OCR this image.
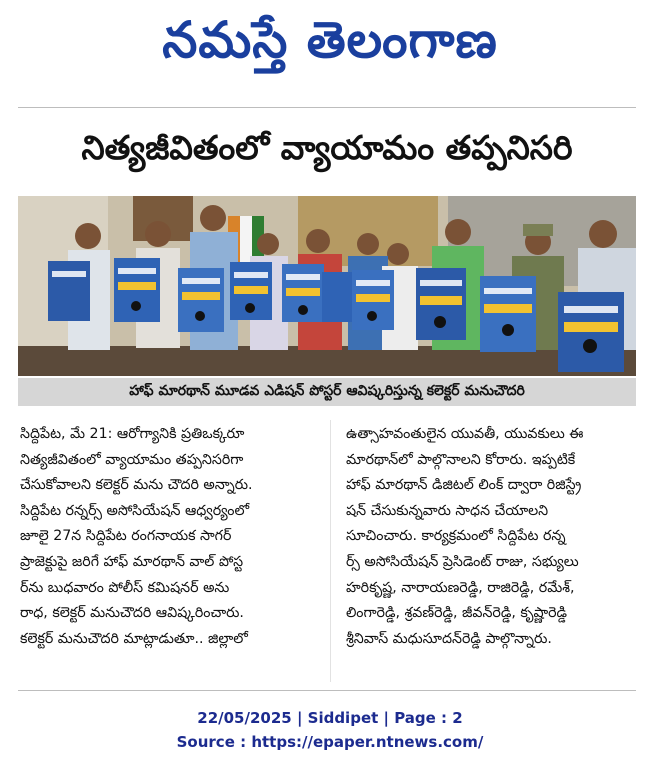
నమస్తే తెలంగాణ
నిత్యజీవితంలో వ్యాయామం తప్పనిసరి
హాఫ్ మారథాన్ మూడవ ఎడిషన్ పోస్టర్ ఆవిష్కరిస్తున్న కలెక్టర్ మనుచౌదరి
సిద్దిపేట, మే 21: ఆరోగ్యానికి ప్రతిఒక్కరూ
నిత్యజీవితంలో వ్యాయామం తప్పనిసరిగా
చేసుకోవాలని కలెక్టర్ మను చౌదరి అన్నారు.
సిద్దిపేట రన్నర్స్ అసోసియేషన్ ఆధ్వర్యంలో
జూలై 27న సిద్దిపేట రంగనాయక సాగర్
ప్రాజెక్టుపై జరిగే హాఫ్ మారథాన్ వాల్ పోస్ట
ర్‌ను బుధవారం పోలీస్ కమిషనర్ అను
రాధ, కలెక్టర్ మనుచౌదరి ఆవిష్కరించారు.
కలెక్టర్ మనుచౌదరి మాట్లాడుతూ.. జిల్లాలో
ఉత్సాహవంతులైన యువతీ, యువకులు ఈ
మారథాన్‌లో పాల్గొనాలని కోరారు. ఇప్పటికే
హాఫ్ మారథాన్ డిజిటల్ లింక్ ద్వారా రిజిస్ట్రే
షన్ చేసుకున్నవారు సాధన చేయాలని
సూచించారు. కార్యక్రమంలో సిద్దిపేట రన్న
ర్స్ అసోసియేషన్ ప్రెసిడెంట్ రాజు, సభ్యులు
హరికృష్ణ, నారాయణరెడ్డి, రాజిరెడ్డి, రమేశ్,
లింగారెడ్డి, శ్రవణ్‌రెడ్డి, జీవన్‌రెడ్డి, కృష్ణారెడ్డి
శ్రీనివాస్ మధుసూదన్‌రెడ్డి పాల్గొన్నారు.
22/05/2025 | Siddipet | Page : 2
Source : https://epaper.ntnews.com/
